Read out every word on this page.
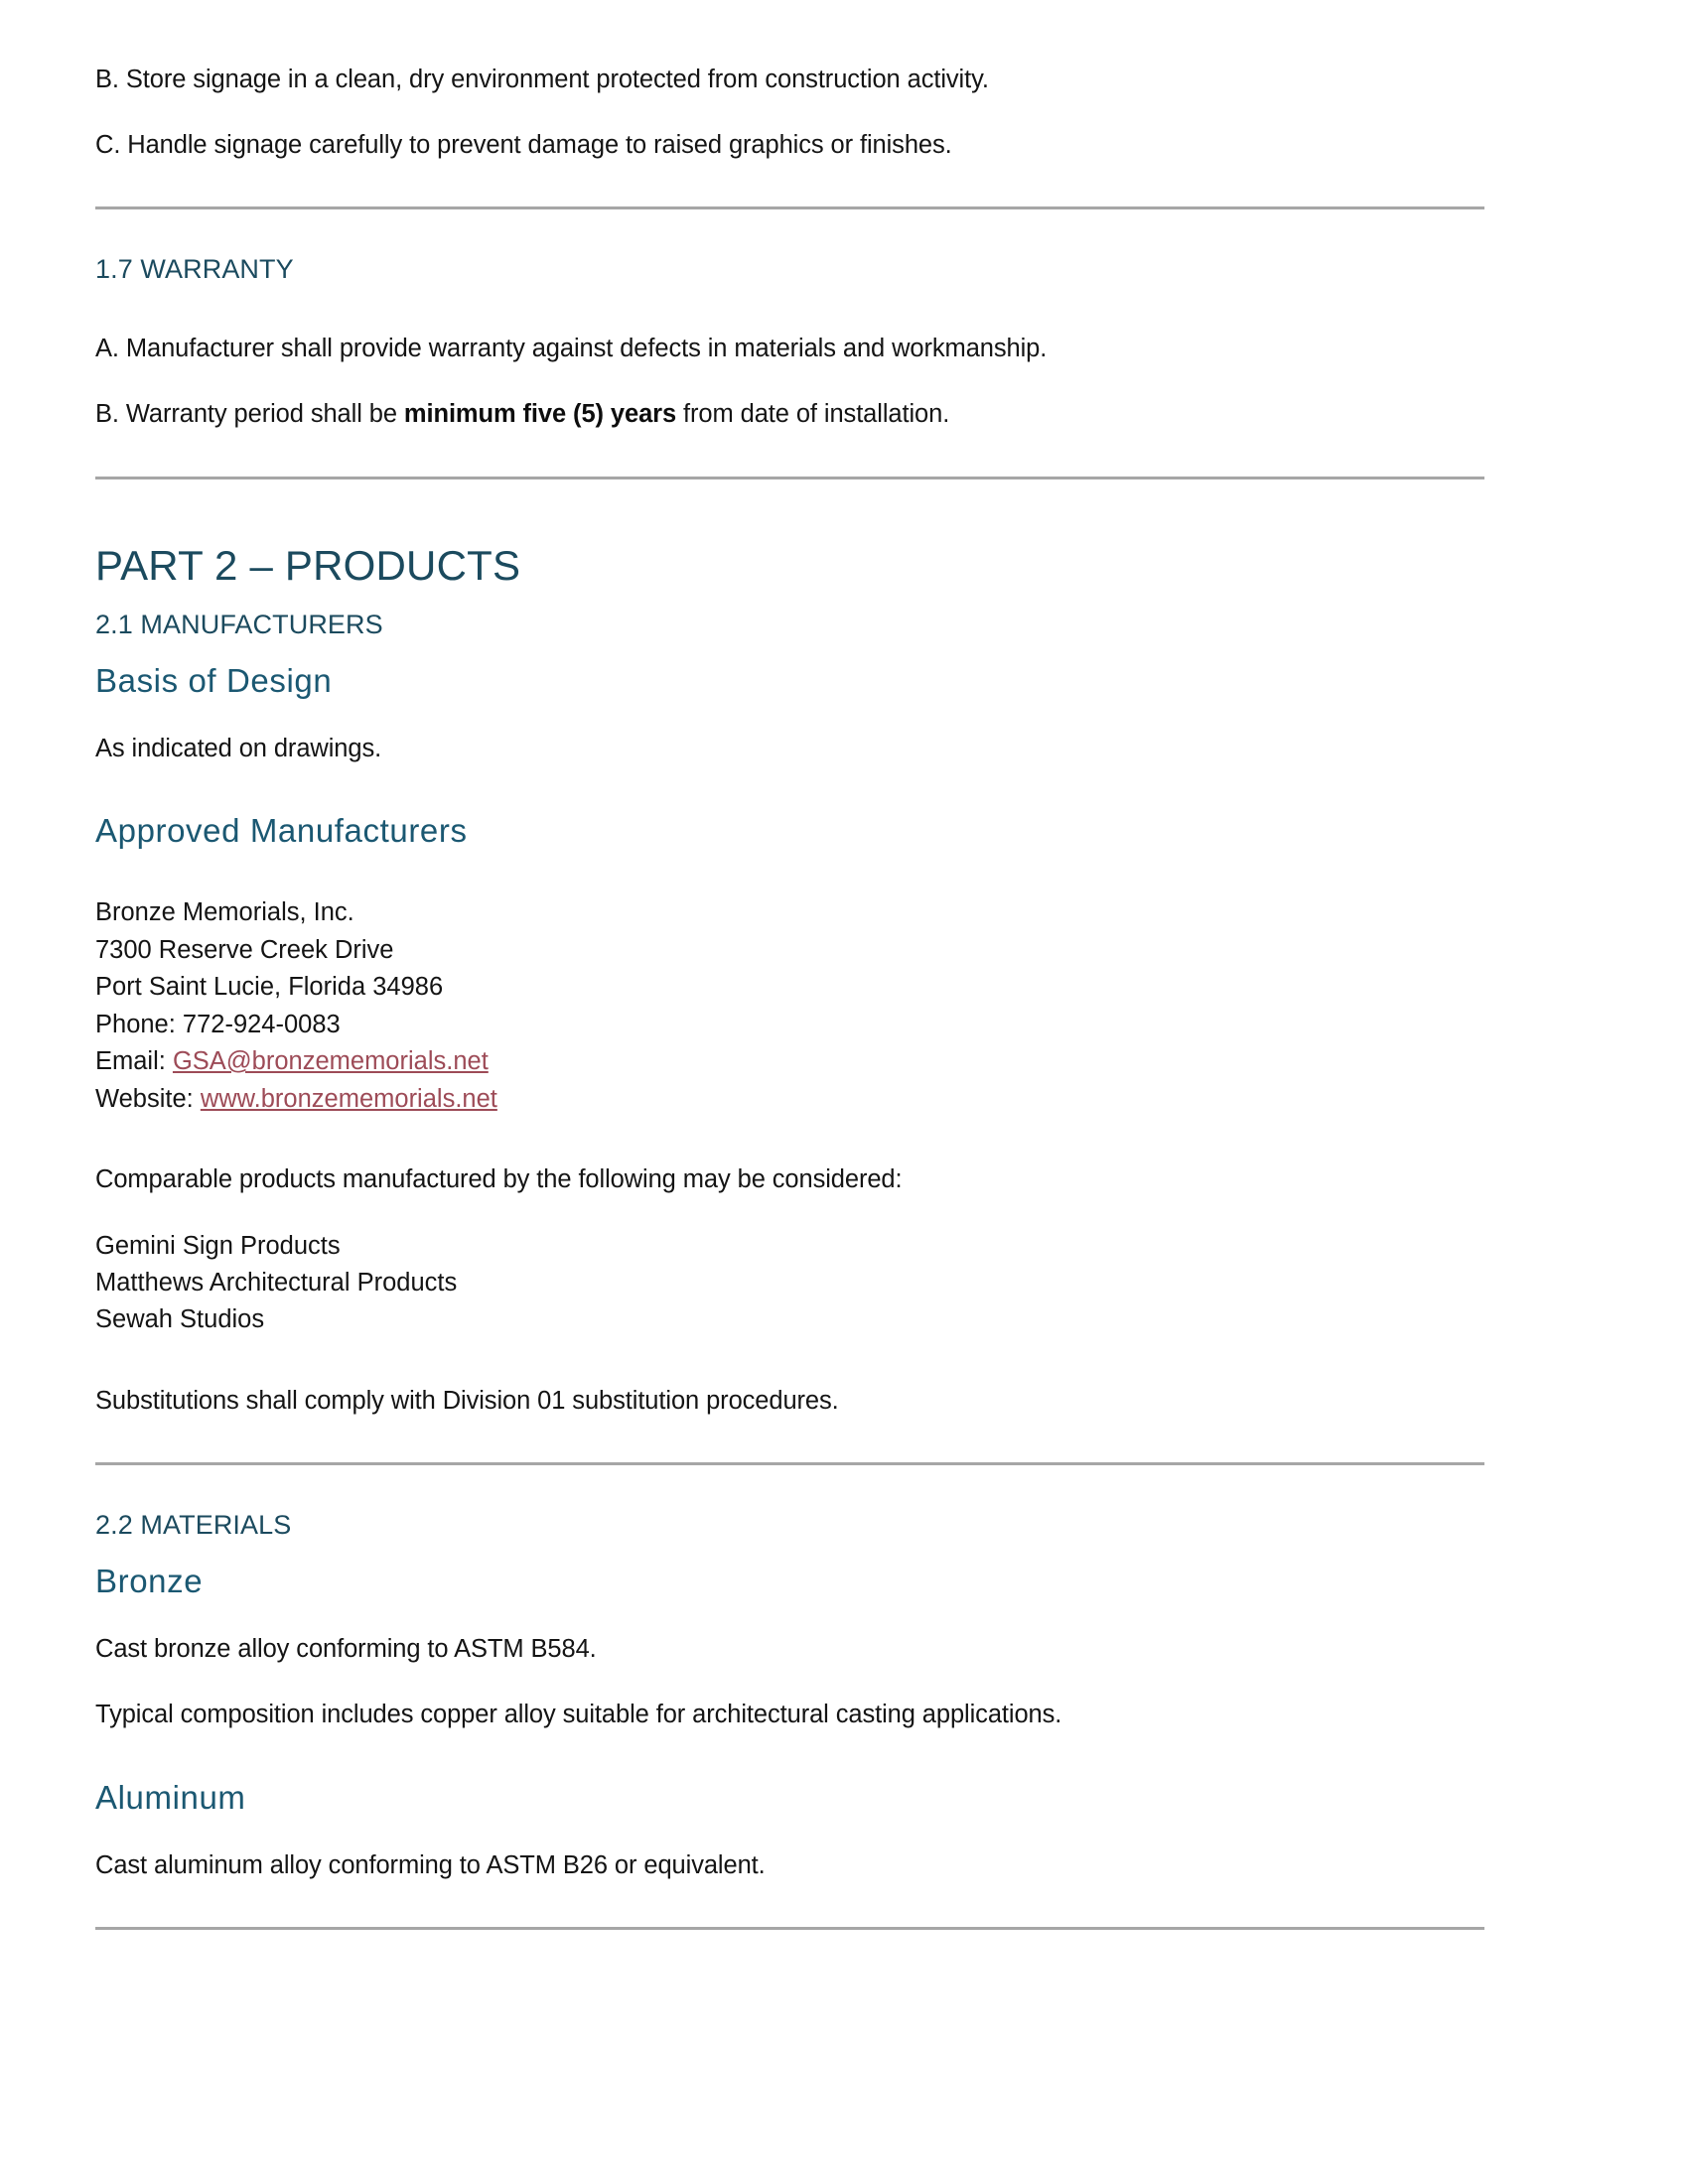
B. Store signage in a clean, dry environment protected from construction activity.

C. Handle signage carefully to prevent damage to raised graphics or finishes.

1.7 WARRANTY

A. Manufacturer shall provide warranty against defects in materials and workmanship.

B. Warranty period shall be minimum five (5) years from date of installation.

PART 2 – PRODUCTS
2.1 MANUFACTURERS
Basis of Design

As indicated on drawings.

Approved Manufacturers
Bronze Memorials, Inc.
7300 Reserve Creek Drive
Port Saint Lucie, Florida 34986
Phone: 772-924-0083
Email: GSA@bronzememorials.net
Website: www.bronzememorials.net

Comparable products manufactured by the following may be considered:

Gemini Sign Products
Matthews Architectural Products
Sewah Studios

Substitutions shall comply with Division 01 substitution procedures.

2.2 MATERIALS
Bronze

Cast bronze alloy conforming to ASTM B584.

Typical composition includes copper alloy suitable for architectural casting applications.

Aluminum

Cast aluminum alloy conforming to ASTM B26 or equivalent.
